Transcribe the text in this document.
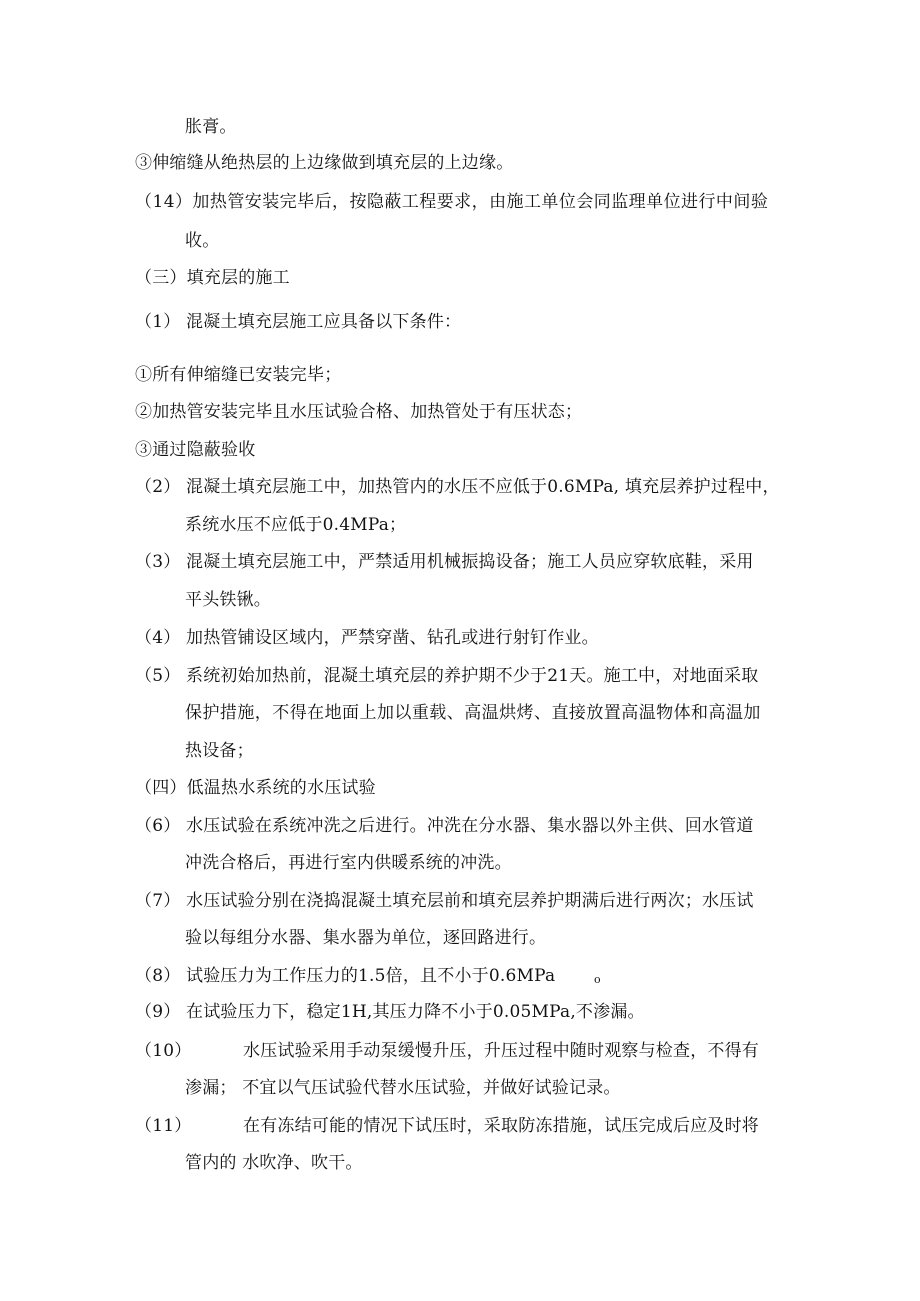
胀膏。
③伸缩缝从绝热层的上边缘做到填充层的上边缘。
（14）加热管安装完毕后，按隐蔽工程要求，由施工单位会同监理单位进行中间验
收。
（三）填充层的施工
（1） 混凝土填充层施工应具备以下条件：
①所有伸缩缝已安装完毕；
②加热管安装完毕且水压试验合格、加热管处于有压状态；
③通过隐蔽验收
（2） 混凝土填充层施工中，加热管内的水压不应低于0.6MPa, 填充层养护过程中，
系统水压不应低于0.4MPa；
（3） 混凝土填充层施工中，严禁适用机械振捣设备；施工人员应穿软底鞋，采用
平头铁锹。
（4） 加热管铺设区域内，严禁穿凿、钻孔或进行射钉作业。
（5） 系统初始加热前，混凝土填充层的养护期不少于21天。施工中，对地面采取
保护措施，不得在地面上加以重载、高温烘烤、直接放置高温物体和高温加
热设备；
（四）低温热水系统的水压试验
（6） 水压试验在系统冲洗之后进行。冲洗在分水器、集水器以外主供、回水管道
冲洗合格后，再进行室内供暖系统的冲洗。
（7） 水压试验分别在浇捣混凝土填充层前和填充层养护期满后进行两次；水压试
验以每组分水器、集水器为单位，逐回路进行。
（8） 试验压力为工作压力的1.5倍，且不小于0.6MPa	o
（9） 在试验压力下，稳定1H,其压力降不小于0.05MPa,不渗漏。
（10）	水压试验采用手动泵缓慢升压，升压过程中随时观察与检查，不得有
渗漏； 不宜以气压试验代替水压试验，并做好试验记录。
（11）	在有冻结可能的情况下试压时，采取防冻措施，试压完成后应及时将
管内的 水吹净、吹干。
